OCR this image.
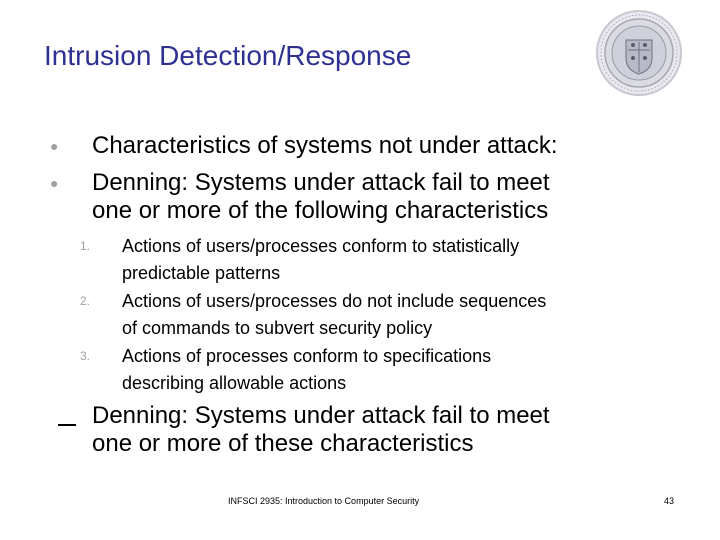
Intrusion Detection/Response
● Characteristics of systems not under attack:
● Denning: Systems under attack fail to meet
one or more of the following characteristics
1. Actions of users/processes conform to statistically
predictable patterns
2. Actions of users/processes do not include sequences
of commands to subvert security policy
3. Actions of processes conform to specifications
describing allowable actions
Denning: Systems under attack fail to meet
one or more of these characteristics
INFSCI 2935: Introduction to Computer Security	43
